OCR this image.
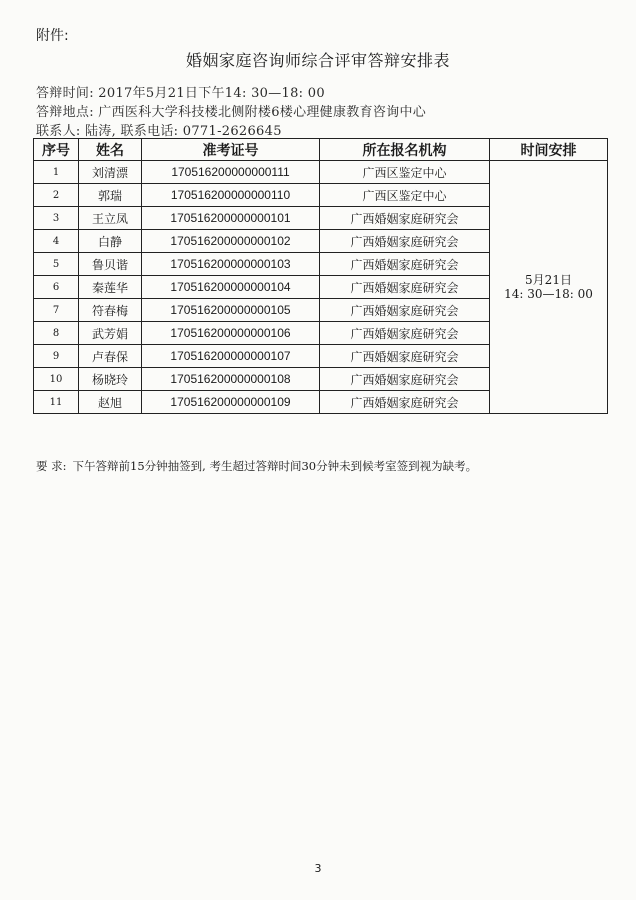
附件:
婚姻家庭咨询师综合评审答辩安排表
答辩时间: 2017年5月21日下午14: 30—18: 00
答辩地点: 广西医科大学科技楼北侧附楼6楼心理健康教育咨询中心
联系人: 陆涛, 联系电话: 0771-2626645
序号	姓名	准考证号	所在报名机构	时间安排
1	刘清漂	170516200000000111	广西区鉴定中心	5月21日
14: 30—18: 00

2	郭瑞	170516200000000110	广西区鉴定中心	
3	王立凤	170516200000000101	广西婚姻家庭研究会	
4	白静	170516200000000102	广西婚姻家庭研究会	
5	鲁贝谐	170516200000000103	广西婚姻家庭研究会	
6	秦莲华	170516200000000104	广西婚姻家庭研究会	
7	符春梅	170516200000000105	广西婚姻家庭研究会	
8	武芳娟	170516200000000106	广西婚姻家庭研究会	
9	卢春保	170516200000000107	广西婚姻家庭研究会	
10	杨晓玲	170516200000000108	广西婚姻家庭研究会	
11	赵旭	170516200000000109	广西婚姻家庭研究会	
要 求: 下午答辩前15分钟抽签到, 考生超过答辩时间30分钟未到候考室签到视为缺考。
3
